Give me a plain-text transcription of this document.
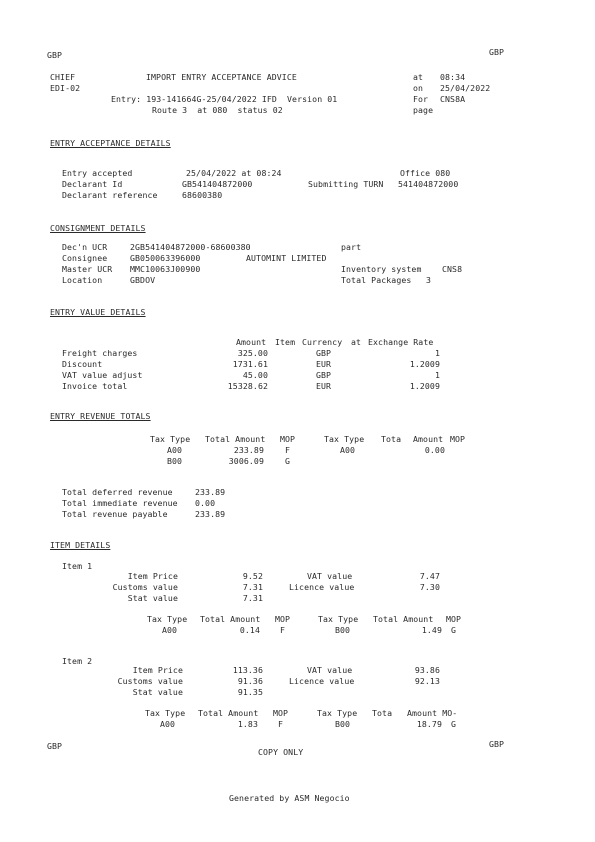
GBP	GBP
CHIEF
EDI-02
IMPORT ENTRY ACCEPTANCE ADVICE
Entry: 193-141664G-25/04/2022 IFD  Version 01
Route 3  at 080  status 02
at 08:34
on 25/04/2022
For CNS8A
page
ENTRY ACCEPTANCE DETAILS
Entry accepted	25/04/2022 at 08:24	Office 080
Declarant Id	GB541404872000	Submitting TURN 541404872000
Declarant reference	68600380
CONSIGNMENT DETAILS
Dec'n UCR	2GB541404872000-68600380	part
Consignee	GB050063396000	AUTOMINT LIMITED
Master UCR MMC10063J00900	Inventory system	CNS8
Location	GBDOV	Total Packages 3
ENTRY VALUE DETAILS
Amount Item Currency at Exchange Rate
Freight charges	325.00	GBP	1
Discount	1731.61	EUR	1.2009
VAT value adjust	45.00	GBP	1
Invoice total	15328.62	EUR	1.2009
ENTRY REVENUE TOTALS
Tax Type Total Amount MOP	Tax Type Tota Amount MOP
A00	233.89	F	A00	0.00
B00	3006.09	G
Total deferred revenue	233.89
Total immediate revenue 0.00
Total revenue payable	233.89
ITEM DETAILS
Item 1
Item Price	9.52	VAT value	7.47
Customs value	7.31	Licence value	7.30
Stat value	7.31
Tax Type Total Amount MOP	Tax Type Total Amount MOP
A00	0.14 F	B00	1.49 G
Item 2
Item Price	113.36	VAT value	93.86
Customs value	91.36	Licence value	92.13
Stat value	91.35
Tax Type Total Amount MOP	Tax Type Tota Amount MO-
A00	1.83 F	B00	18.79 G
GBP	GBP
COPY ONLY
Generated by ASM Negocio
